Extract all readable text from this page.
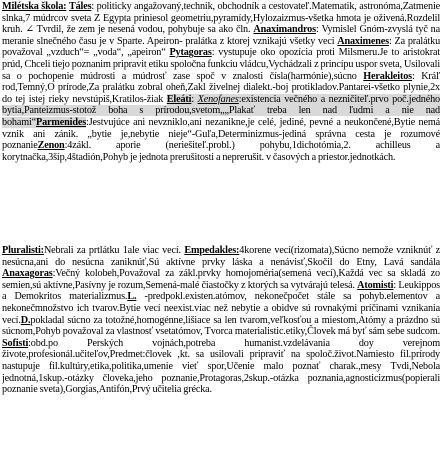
Milétska škola: Táles: politicky angažovaný,technik, obchodník a cestovateľ.Matematik, astronóma,Zatmenie slnka,7 múdrcov sveta Z Egypta priniesol geometriu,pyramídy,Hylozaizmus-všetka hmota je oživená.Rozdelil kruh. ∠ Tvrdil, že zem je nesená vodou, pohybuje sa ako čln. Anaximandros: Vymislel Gnóm-zvyslá tyč na meranie slnečného času je v Sparte. Apeiron- pralátka z ktorej vznikajú všetky veci Anaximenes: Za pralátku považoval „vzduch“= „voda“, „apeiron“ Pytagoras: vystupuje oko opozícia proti Milsmeru.Je to aristokrat prúd, Chceli tiejo poznanim pripravit etiku spoločna funkciu vládcu,Vychádzali z princípu uspor sveta, Usilovali sa o pochopenie múdrosti a múdrosť zase spoč v znalosti čísla(harmónie),súcno Herakleitos: Kráľ rod,Temný,O prírode,Za pralátku zobral oheň,Zakl živelnej dialekt.-boj protikladov.Pantarei-všetko plynie,2x do tej istej rieky nevstúpiš,Kratilos-žiak Eleáti: Xenofanes:existencia večného a nezničiteľ.prvo poč.jedného bytia,Panteizmus-stotož boha s prírodou,svetom„„Plakať treba len nad ľudmi a nie nad bohami“Parmenides:Jestvujúce ani nevzniklo,ani nezanikne,je celé, jediné, pevné a neukončené,Bytie nemá vznik ani zánik. „bytie je,nebytie nieje“-Guľa,Determinizmus-jediná správna cesta je rozumové poznanieZenon:4zákl. aporie (neriešiteľ.probl.) pohybu,1dichotómia,2. achilleus a korytnačka,3šíp,4štadión,Pohyb je jednota prerušitosti a neprerušit. v časových a priestor.jednotkách.

Pluralisti:Nebrali za prtlátku 1ale viac vecí. Empedakles:4korene vecí(rizomata),Súcno nemože vzniknúť z nesúcna,ani do nesúcna zaniknúť,Sú aktívne prvky láska a nenávisť,Skočil do Etny, Lavá sandála Anaxagoras:Večný kolobeh,Považoval za zákl.prvky homojoméria(semená vecí),Každá vec sa skladá zo semien,sú aktívne,Pasívny je rozum,Semená-malé čiastočky z ktorých sa vytvárajú telesá. Atomisti: Leukippos a Demokritos materializmus.L. -predpokl.existen.atómov, nekonečpočet stále sa pohyb.elementov a nekonečmnožstvo ich tvarov.Bytie vecí neexist.viac než nebytie a obidve sú rovnakými príčinami vznikania vecí.D.pokladal súcno za totožné,homogénne,lišiace sa len tvarom,veľkosťou a miestom,Atómy a prázdno sú súcnom,Pohyb považoval za vlastnosť vsetatómov, Tvorca materialistic.etiky,Človek má byť sám sebe sudcom. Sofisti:obd.po Perských vojnách,potreba humanist.vzdelávania doy verejnom živote,profesionál.učiteľov,Predmet:človek ,kt. sa usilovali pripraviť na spoloč.život.Namiesto fil.prírody nastupuje fil.kultúry,etika,politika,umenie vieť spor,Učenie malo poznať charak.,mesy Tvdi,Nebola jednotná,1skup.-otázky človeka,jeho poznanie,Protagoras,2skup.-otázka poznania,agnosticizmus(popierali poznanie sveta),Gorgias,Antifón,Prvý učitelia grécka.
